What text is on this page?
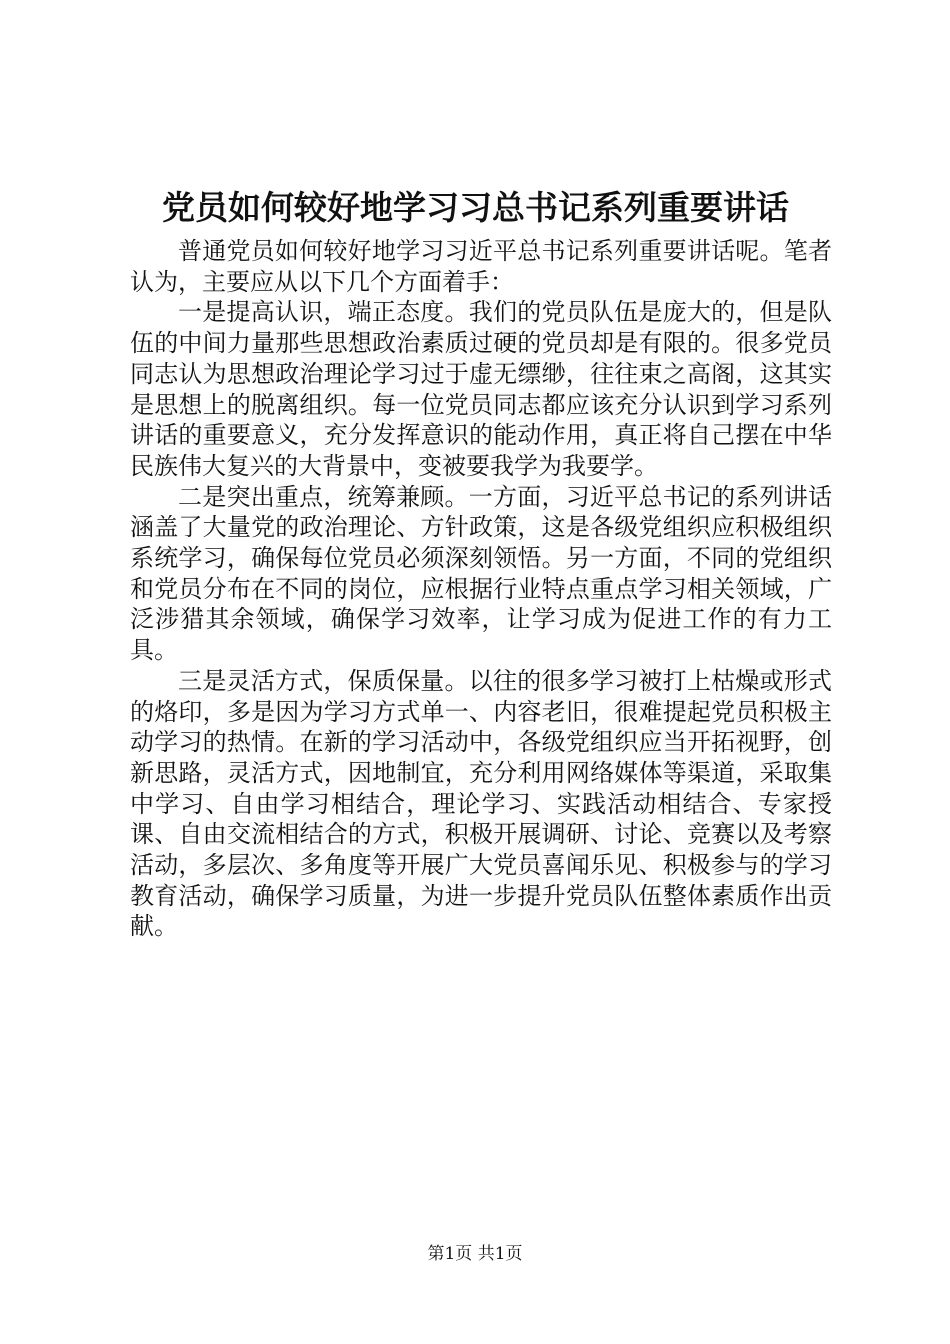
党员如何较好地学习习总书记系列重要讲话

普通党员如何较好地学习习近平总书记系列重要讲话呢。笔者认为，主要应从以下几个方面着手：

一是提高认识，端正态度。我们的党员队伍是庞大的，但是队伍的中间力量那些思想政治素质过硬的党员却是有限的。很多党员同志认为思想政治理论学习过于虚无缥缈，往往束之高阁，这其实是思想上的脱离组织。每一位党员同志都应该充分认识到学习系列讲话的重要意义，充分发挥意识的能动作用，真正将自己摆在中华民族伟大复兴的大背景中，变被要我学为我要学。

二是突出重点，统筹兼顾。一方面，习近平总书记的系列讲话涵盖了大量党的政治理论、方针政策，这是各级党组织应积极组织系统学习，确保每位党员必须深刻领悟。另一方面，不同的党组织和党员分布在不同的岗位，应根据行业特点重点学习相关领域，广泛涉猎其余领域，确保学习效率，让学习成为促进工作的有力工具。

三是灵活方式，保质保量。以往的很多学习被打上枯燥或形式的烙印，多是因为学习方式单一、内容老旧，很难提起党员积极主动学习的热情。在新的学习活动中，各级党组织应当开拓视野，创新思路，灵活方式，因地制宜，充分利用网络媒体等渠道，采取集中学习、自由学习相结合，理论学习、实践活动相结合、专家授课、自由交流相结合的方式，积极开展调研、讨论、竞赛以及考察活动，多层次、多角度等开展广大党员喜闻乐见、积极参与的学习教育活动，确保学习质量，为进一步提升党员队伍整体素质作出贡献。

第1页 共1页
